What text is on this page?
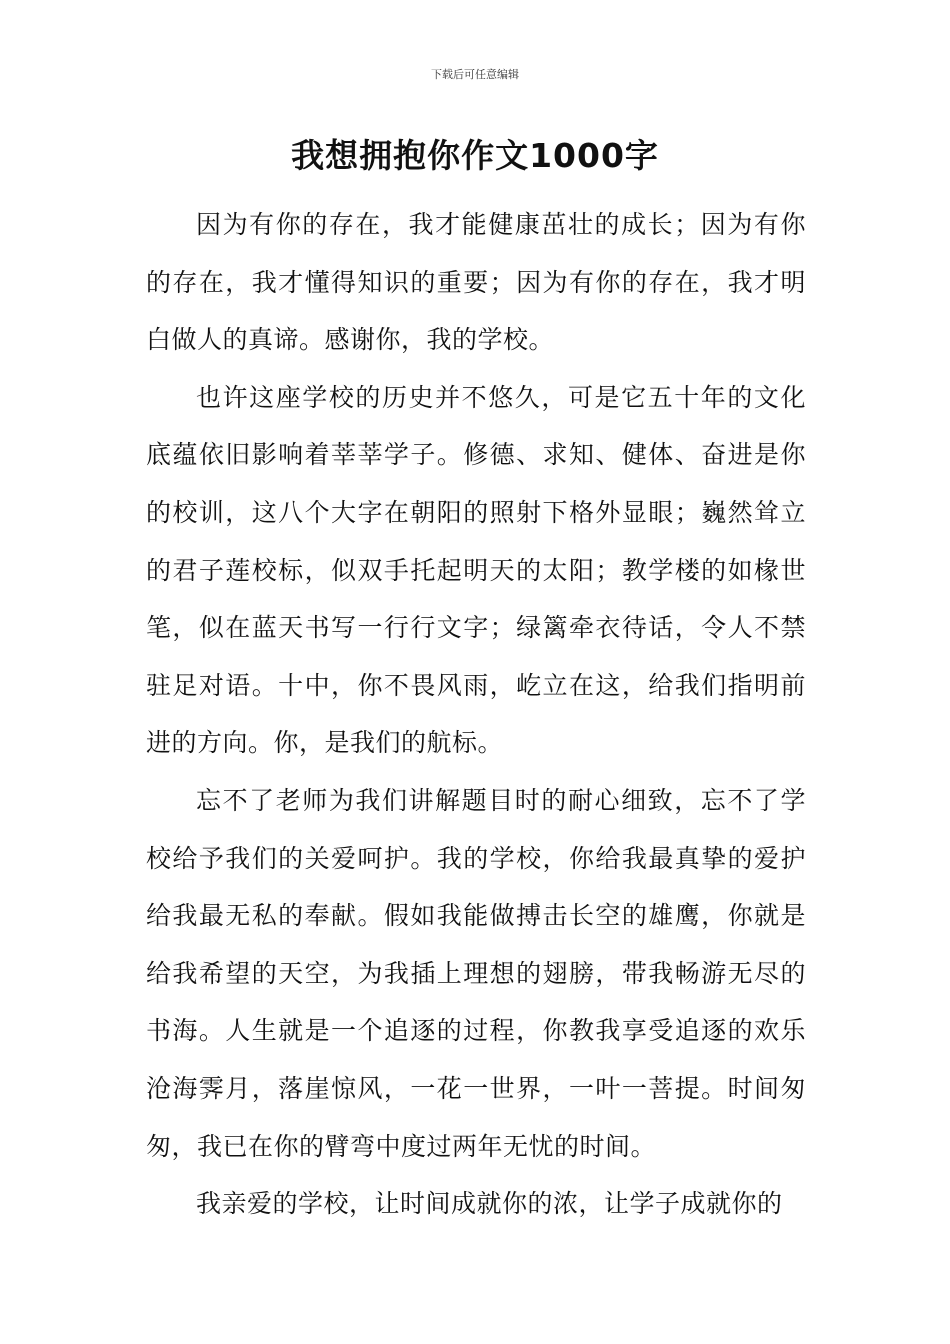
下载后可任意编辑
我想拥抱你作文1000字

因为有你的存在，我才能健康茁壮的成长；因为有你的存在，我才懂得知识的重要；因为有你的存在，我才明白做人的真谛。感谢你，我的学校。

也许这座学校的历史并不悠久，可是它五十年的文化底蕴依旧影响着莘莘学子。修德、求知、健体、奋进是你的校训，这八个大字在朝阳的照射下格外显眼；巍然耸立的君子莲校标，似双手托起明天的太阳；教学楼的如椽世笔，似在蓝天书写一行行文字；绿篱牵衣待话，令人不禁驻足对语。十中，你不畏风雨，屹立在这，给我们指明前进的方向。你，是我们的航标。

忘不了老师为我们讲解题目时的耐心细致，忘不了学校给予我们的关爱呵护。我的学校，你给我最真挚的爱护给我最无私的奉献。假如我能做搏击长空的雄鹰，你就是给我希望的天空，为我插上理想的翅膀，带我畅游无尽的书海。人生就是一个追逐的过程，你教我享受追逐的欢乐沧海霁月，落崖惊风，一花一世界，一叶一菩提。时间匆匆，我已在你的臂弯中度过两年无忧的时间。

我亲爱的学校，让时间成就你的浓，让学子成就你的
